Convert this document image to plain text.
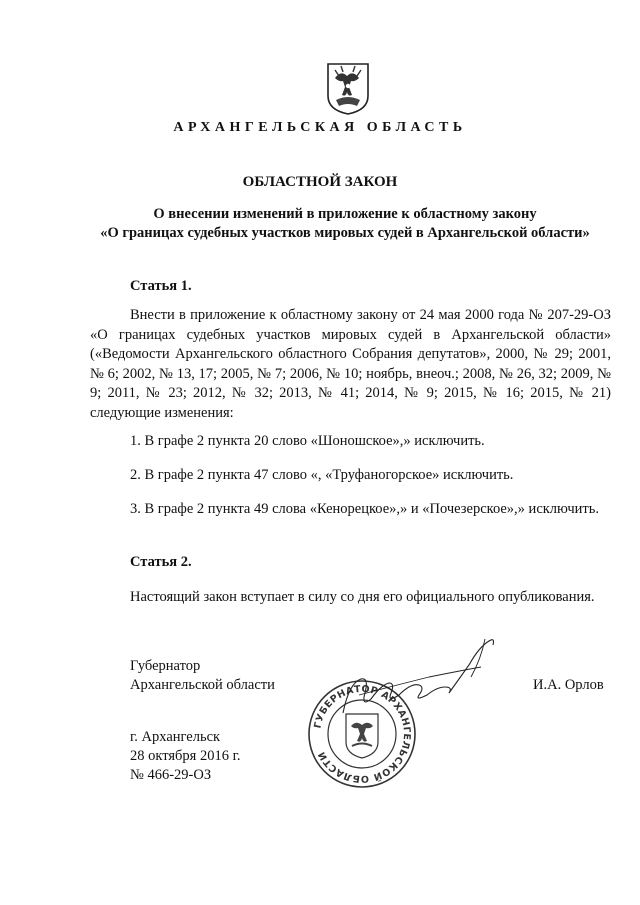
АРХАНГЕЛЬСКАЯ ОБЛАСТЬ
ОБЛАСТНОЙ ЗАКОН
О внесении изменений в приложение к областному закону
«О границах судебных участков мировых судей в Архангельской области»
Статья 1.

Внести в приложение к областному закону от 24 мая 2000 года № 207-29-ОЗ «О границах судебных участков мировых судей в Архангельской области» («Ведомости Архангельского областного Собрания депутатов», 2000, № 29; 2001, № 6; 2002, № 13, 17; 2005, № 7; 2006, № 10; ноябрь, внеоч.; 2008, № 26, 32; 2009, № 9; 2011, № 23; 2012, № 32; 2013, № 41; 2014, № 9; 2015, № 16; 2015, № 21) следующие изменения:

1. В графе 2 пункта 20 слово «Шоношское»,» исключить.

2. В графе 2 пункта 47 слово «, «Труфаногорское» исключить.

3. В графе 2 пункта 49 слова «Кенорецкое»,» и «Почезерское»,» исключить.

Статья 2.

Настоящий закон вступает в силу со дня его официального опубликования.

Губернатор
Архангельской области	И.А. Орлов
ГУБЕРНАТОР АРХАНГЕЛЬСКОЙ ОБЛАСТИ
г. Архангельск
28 октября 2016 г.
№ 466-29-ОЗ
